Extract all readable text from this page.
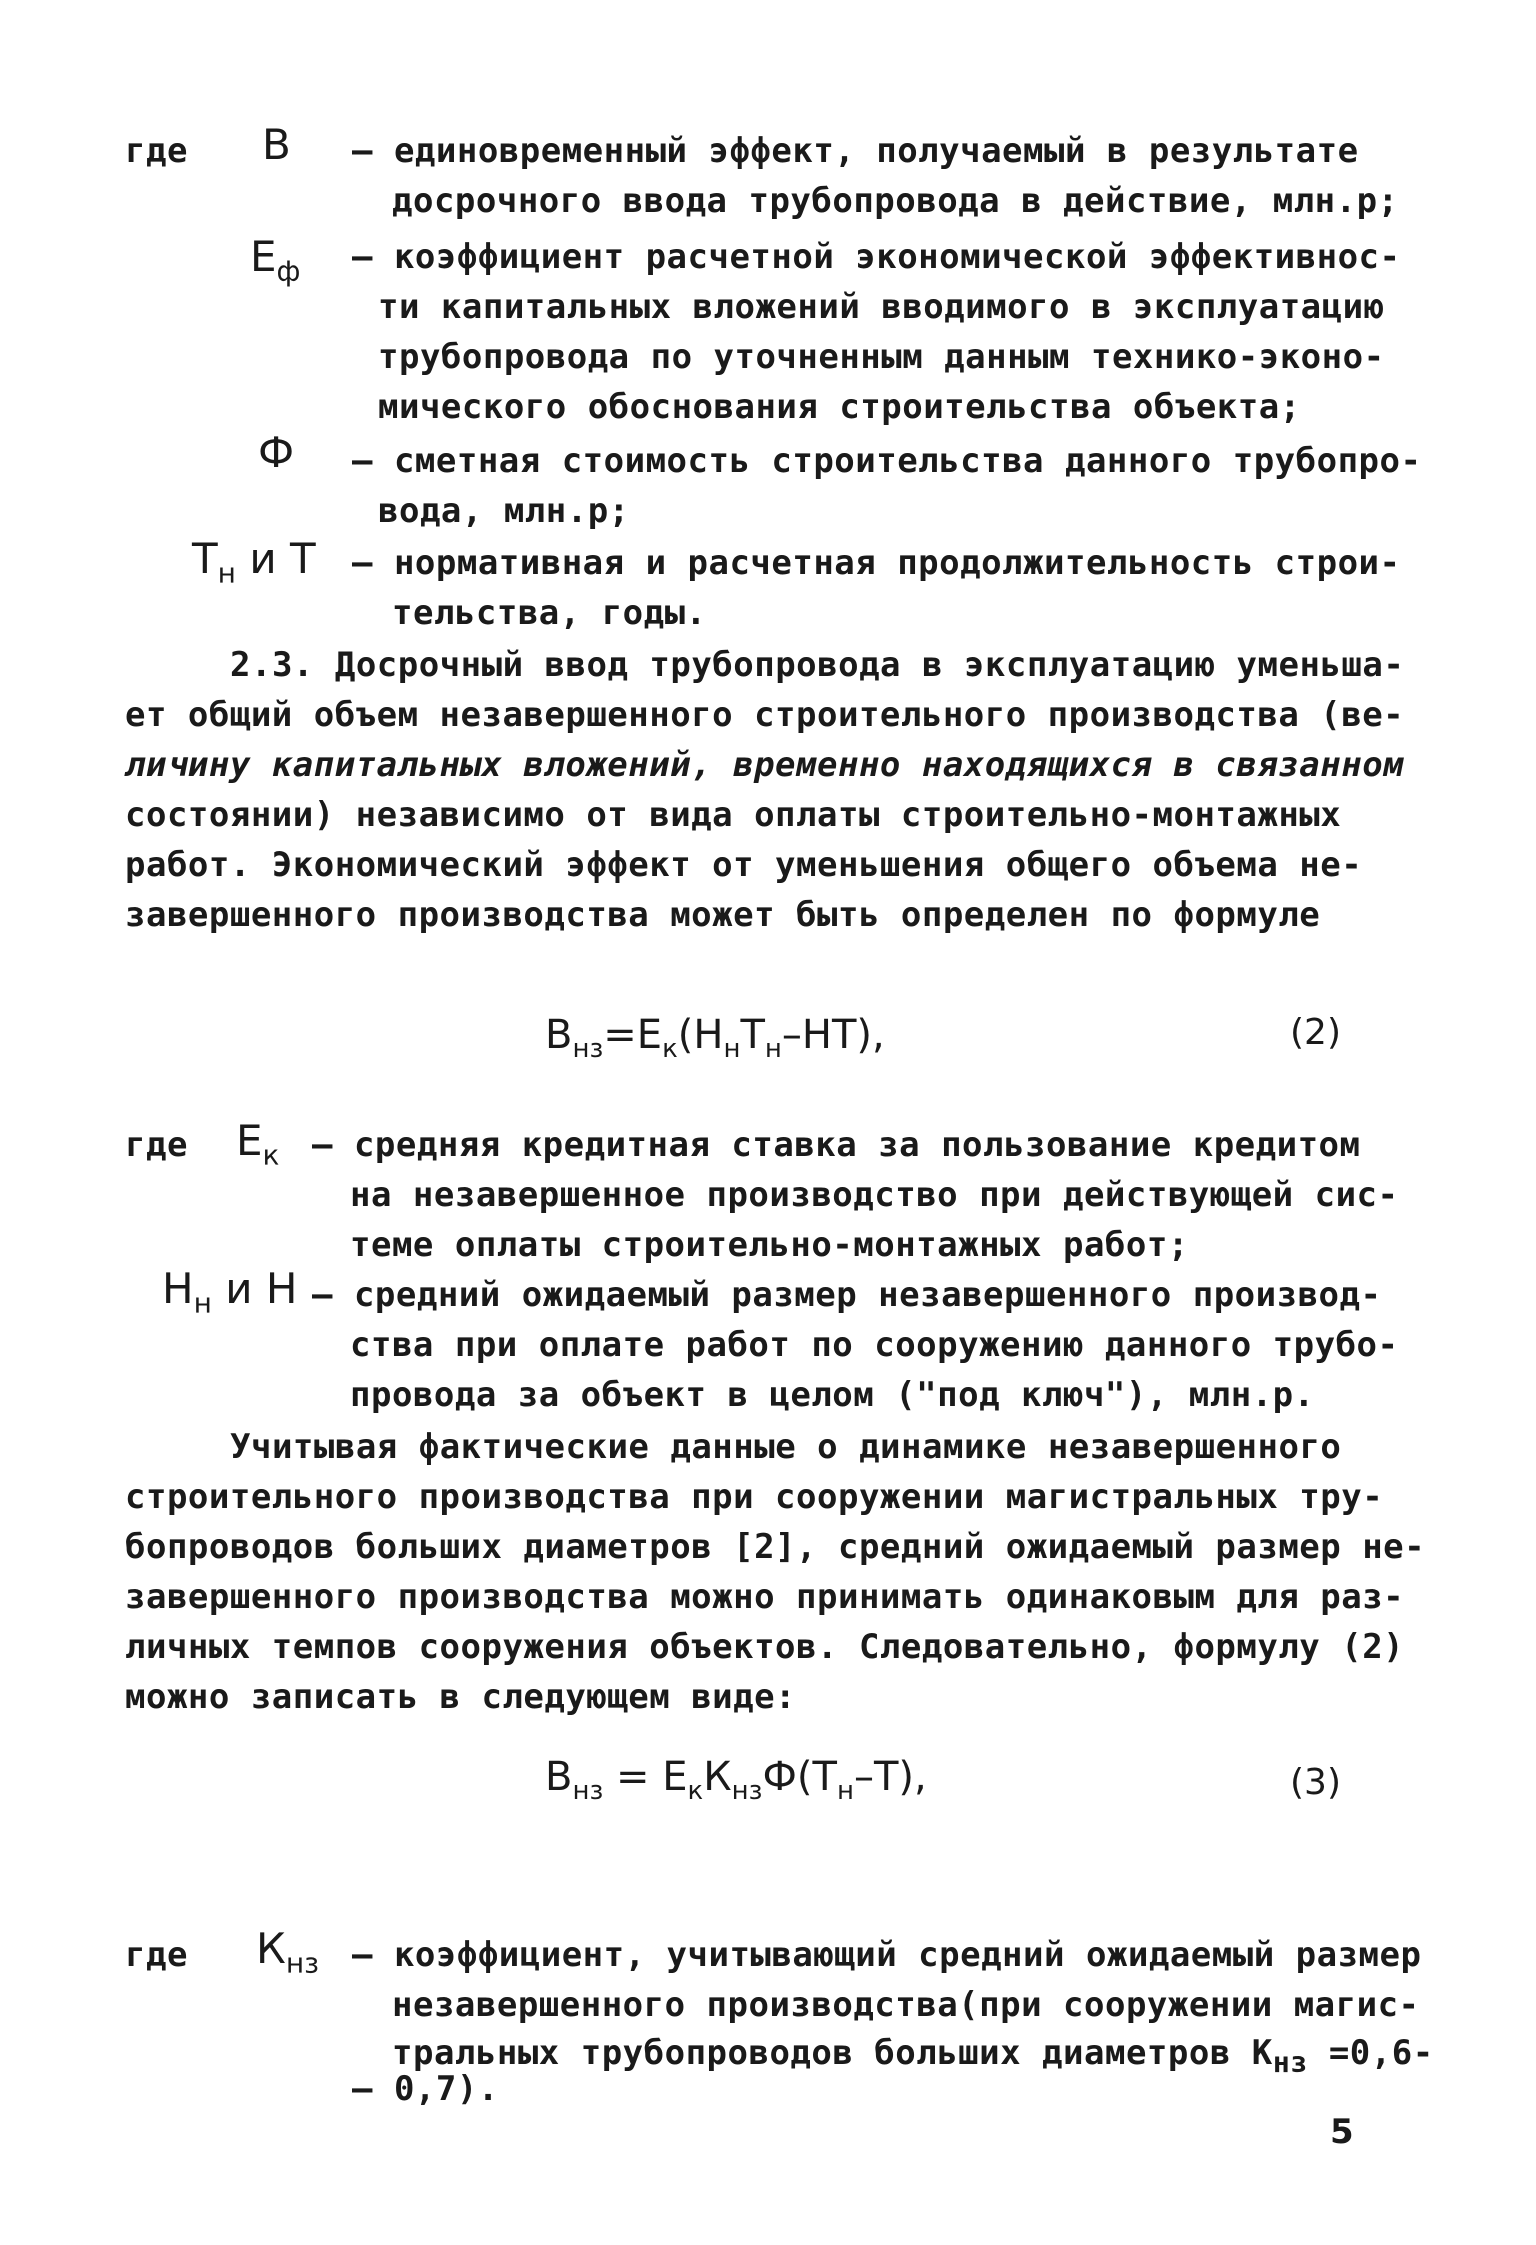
где В – единовременный эффект, получаемый в результате
досрочного ввода трубопровода в действие, млн.р;
$Е_ф$ – коэффициент расчетной экономической эффективнос-
ти капитальных вложений вводимого в эксплуатацию
трубопровода по уточненным данным технико-эконо-
мического обоснования строительства объекта;
Ф – сметная стоимость строительства данного трубопро-
вода, млн.р;
$Т_н$ и Т – нормативная и расчетная продолжительность строи-
тельства, годы.
2.3. Досрочный ввод трубопровода в эксплуатацию уменьша-
ет общий объем незавершенного строительного производства (ве-
личину капитальных вложений, временно находящихся в связанном
состоянии) независимо от вида оплаты строительно-монтажных
работ. Экономический эффект от уменьшения общего объема не-
завершенного производства может быть определен по формуле
$В_{нз}=Е_к(Н_нТ_н-НТ)$,	(2)
где $Е_к$ – средняя кредитная ставка за пользование кредитом
на незавершенное производство при действующей сис-
теме оплаты строительно-монтажных работ;
$Н_н$ и Н – средний ожидаемый размер незавершенного производ-
ства при оплате работ по сооружению данного трубо-
провода за объект в целом ("под ключ"), млн.р.
Учитывая фактические данные о динамике незавершенного
строительного производства при сооружении магистральных тру-
бопроводов больших диаметров [2], средний ожидаемый размер не-
завершенного производства можно принимать одинаковым для раз-
личных темпов сооружения объектов. Следовательно, формулу (2)
можно записать в следующем виде:
$В_{нз} = Е_кК_{нз}Ф(Т_н-Т)$,	(3)
где $К_{нз}$ – коэффициент, учитывающий средний ожидаемый размер
незавершенного производства(при сооружении магис-
тральных трубопроводов больших диаметров $К_{нз} =0,6-$
– 0,7).
5
